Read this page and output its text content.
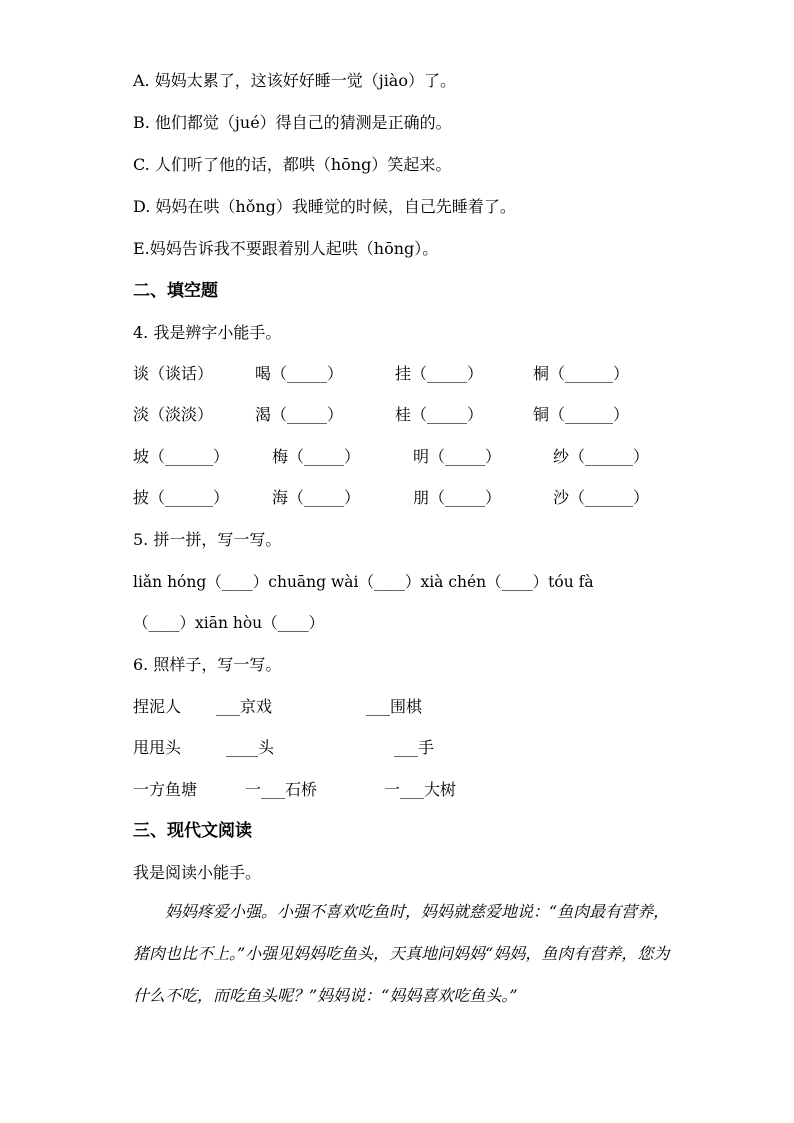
A. 妈妈太累了，这该好好睡一觉（jiào）了。
B. 他们都觉（jué）得自己的猜测是正确的。
C. 人们听了他的话，都哄（hōng）笑起来。
D. 妈妈在哄（hǒng）我睡觉的时候，自己先睡着了。
E.妈妈告诉我不要跟着别人起哄（hōng）。
二、填空题
4. 我是辨字小能手。
谈（谈话）	喝（_____）	挂（_____）	桐（______）
淡（淡淡）	渴（_____）	桂（_____）	铜（______）
坡（______）	梅（_____）	明（_____）	纱（______）
披（______）	海（_____）	朋（_____）	沙（______）
5. 拼一拼，写一写。
liǎn hóng（____）chuāng wài（____）xià chén（____）tóu fà
（____）xiān hòu（____）
6. 照样子，写一写。
捏泥人 ___京戏	___围棋
甩甩头	____头	___手
一方鱼塘	一___石桥	一___大树
三、现代文阅读
我是阅读小能手。

妈妈疼爱小强。小强不喜欢吃鱼时，妈妈就慈爱地说：“鱼肉最有营养，猪肉也比不上。”小强见妈妈吃鱼头，天真地问妈妈“妈妈，鱼肉有营养，您为什么不吃，而吃鱼头呢？”妈妈说：“妈妈喜欢吃鱼头。”
